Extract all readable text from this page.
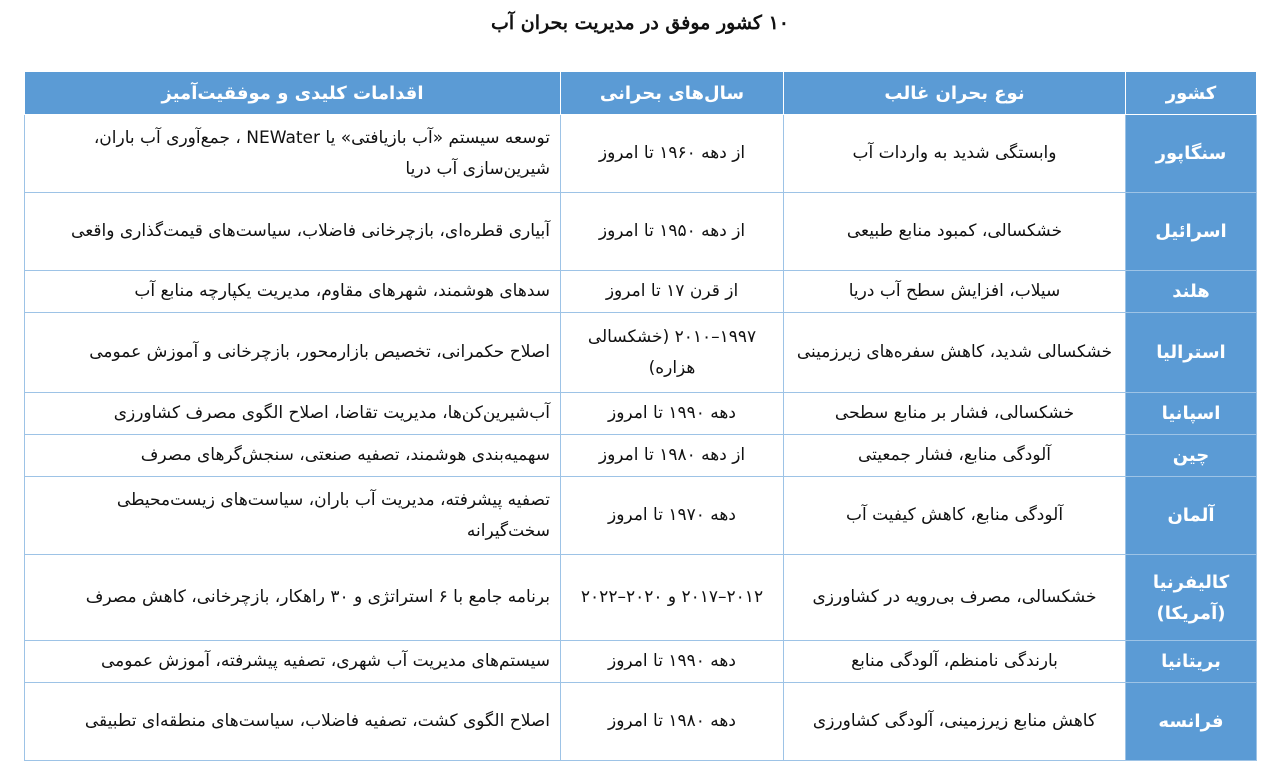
۱۰ کشور موفق در مدیریت بحران آب
کشور	نوع بحران غالب	سال‌های بحرانی	اقدامات کلیدی و موفقیت‌آمیز
سنگاپور	وابستگی شدید به واردات آب	از دهه ۱۹۶۰ تا امروز	توسعه سیستم «آب بازیافتی» یا NEWater ، جمع‌آوری آب باران، شیرین‌سازی آب دریا
اسرائیل	خشکسالی، کمبود منابع طبیعی	از دهه ۱۹۵۰ تا امروز	آبیاری قطره‌ای، بازچرخانی فاضلاب، سیاست‌های قیمت‌گذاری واقعی
هلند	سیلاب، افزایش سطح آب دریا	از قرن ۱۷ تا امروز	سدهای هوشمند، شهرهای مقاوم، مدیریت یکپارچه منابع آب
استرالیا	خشکسالی شدید، کاهش سفره‌های زیرزمینی	۱۹۹۷–۲۰۱۰ (خشکسالی هزاره)	اصلاح حکمرانی، تخصیص بازارمحور، بازچرخانی و آموزش عمومی
اسپانیا	خشکسالی، فشار بر منابع سطحی	دهه ۱۹۹۰ تا امروز	آب‌شیرین‌کن‌ها، مدیریت تقاضا، اصلاح الگوی مصرف کشاورزی
چین	آلودگی منابع، فشار جمعیتی	از دهه ۱۹۸۰ تا امروز	سهمیه‌بندی هوشمند، تصفیه صنعتی، سنجش‌گرهای مصرف
آلمان	آلودگی منابع، کاهش کیفیت آب	دهه ۱۹۷۰ تا امروز	تصفیه پیشرفته، مدیریت آب باران، سیاست‌های زیست‌محیطی سخت‌گیرانه
کالیفرنیا (آمریکا)	خشکسالی، مصرف بی‌رویه در کشاورزی	۲۰۱۲–۲۰۱۷ و ۲۰۲۰–۲۰۲۲	برنامه جامع با ۶ استراتژی و ۳۰ راهکار، بازچرخانی، کاهش مصرف
بریتانیا	بارندگی نامنظم، آلودگی منابع	دهه ۱۹۹۰ تا امروز	سیستم‌های مدیریت آب شهری، تصفیه پیشرفته، آموزش عمومی
فرانسه	کاهش منابع زیرزمینی، آلودگی کشاورزی	دهه ۱۹۸۰ تا امروز	اصلاح الگوی کشت، تصفیه فاضلاب، سیاست‌های منطقه‌ای تطبیقی
